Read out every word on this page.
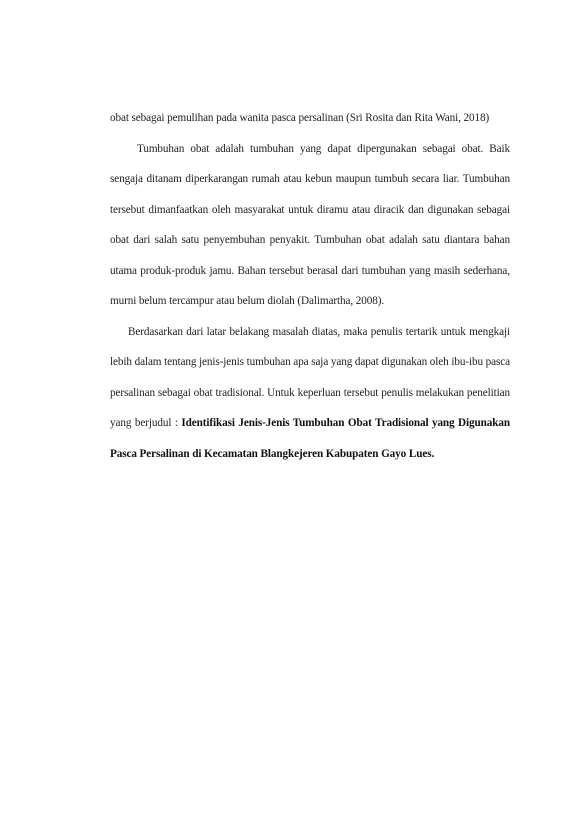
obat sebagai pemulihan pada wanita pasca persalinan (Sri Rosita dan Rita Wani, 2018)

Tumbuhan obat adalah tumbuhan yang dapat dipergunakan sebagai obat. Baik sengaja ditanam diperkarangan rumah atau kebun maupun tumbuh secara liar. Tumbuhan tersebut dimanfaatkan oleh masyarakat untuk diramu atau diracik dan digunakan sebagai obat dari salah satu penyembuhan penyakit. Tumbuhan obat adalah satu diantara bahan utama produk-produk jamu. Bahan tersebut berasal dari tumbuhan yang masih sederhana, murni belum tercampur atau belum diolah (Dalimartha, 2008).

Berdasarkan dari latar belakang masalah diatas, maka penulis tertarik untuk mengkaji lebih dalam tentang jenis-jenis tumbuhan apa saja yang dapat digunakan oleh ibu-ibu pasca persalinan sebagai obat tradisional. Untuk keperluan tersebut penulis melakukan penelitian yang berjudul : Identifikasi Jenis-Jenis Tumbuhan Obat Tradisional yang Digunakan Pasca Persalinan di Kecamatan Blangkejeren Kabupaten Gayo Lues.
